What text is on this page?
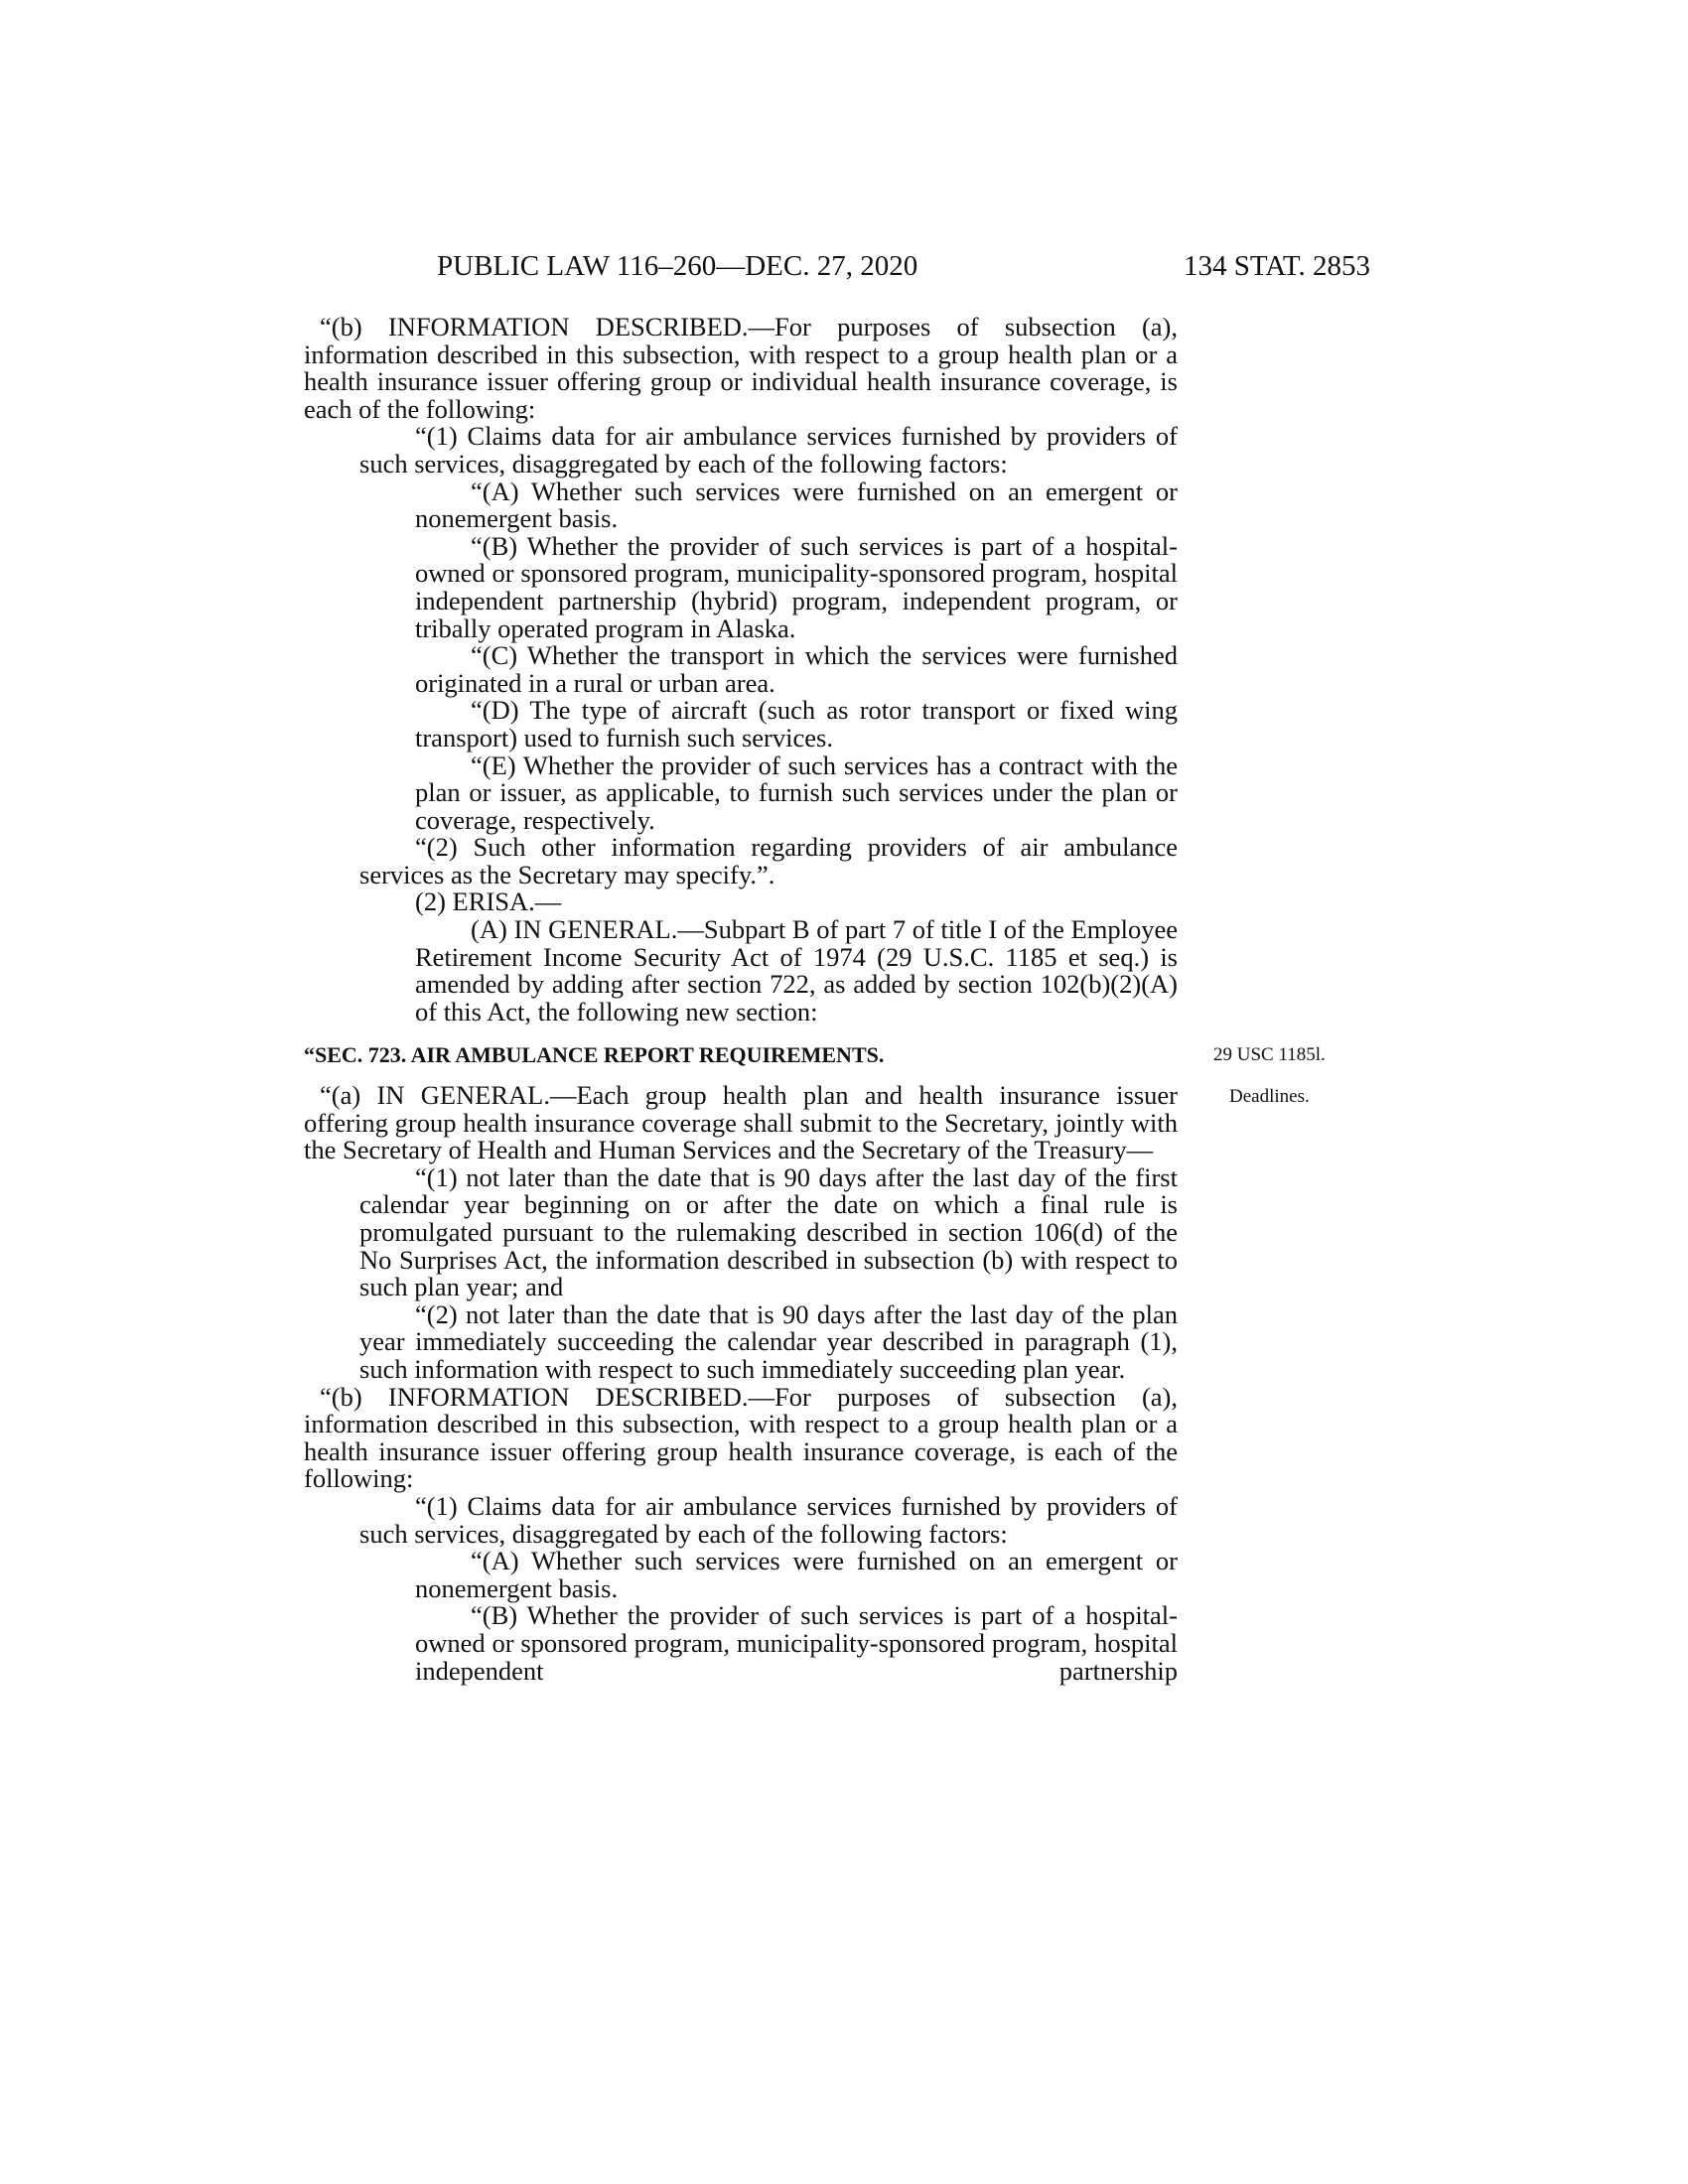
PUBLIC LAW 116–260—DEC. 27, 2020	134 STAT. 2853

“(b) INFORMATION DESCRIBED.—For purposes of subsection (a), information described in this subsection, with respect to a group health plan or a health insurance issuer offering group or individual health insurance coverage, is each of the following:

“(1) Claims data for air ambulance services furnished by providers of such services, disaggregated by each of the following factors:

“(A) Whether such services were furnished on an emergent or nonemergent basis.

“(B) Whether the provider of such services is part of a hospital-owned or sponsored program, municipality-sponsored program, hospital independent partnership (hybrid) program, independent program, or tribally operated program in Alaska.

“(C) Whether the transport in which the services were furnished originated in a rural or urban area.

“(D) The type of aircraft (such as rotor transport or fixed wing transport) used to furnish such services.

“(E) Whether the provider of such services has a contract with the plan or issuer, as applicable, to furnish such services under the plan or coverage, respectively.

“(2) Such other information regarding providers of air ambulance services as the Secretary may specify.”.

(2) ERISA.—

(A) IN GENERAL.—Subpart B of part 7 of title I of the Employee Retirement Income Security Act of 1974 (29 U.S.C. 1185 et seq.) is amended by adding after section 722, as added by section 102(b)(2)(A) of this Act, the following new section:

“SEC. 723. AIR AMBULANCE REPORT REQUIREMENTS.	29 USC 1185l.

Deadlines.
“(a) IN GENERAL.—Each group health plan and health insurance issuer offering group health insurance coverage shall submit to the Secretary, jointly with the Secretary of Health and Human Services and the Secretary of the Treasury—

“(1) not later than the date that is 90 days after the last day of the first calendar year beginning on or after the date on which a final rule is promulgated pursuant to the rulemaking described in section 106(d) of the No Surprises Act, the information described in subsection (b) with respect to such plan year; and

“(2) not later than the date that is 90 days after the last day of the plan year immediately succeeding the calendar year described in paragraph (1), such information with respect to such immediately succeeding plan year.

“(b) INFORMATION DESCRIBED.—For purposes of subsection (a), information described in this subsection, with respect to a group health plan or a health insurance issuer offering group health insurance coverage, is each of the following:

“(1) Claims data for air ambulance services furnished by providers of such services, disaggregated by each of the following factors:

“(A) Whether such services were furnished on an emergent or nonemergent basis.

“(B) Whether the provider of such services is part of a hospital-owned or sponsored program, municipality-sponsored program, hospital independent partnership
